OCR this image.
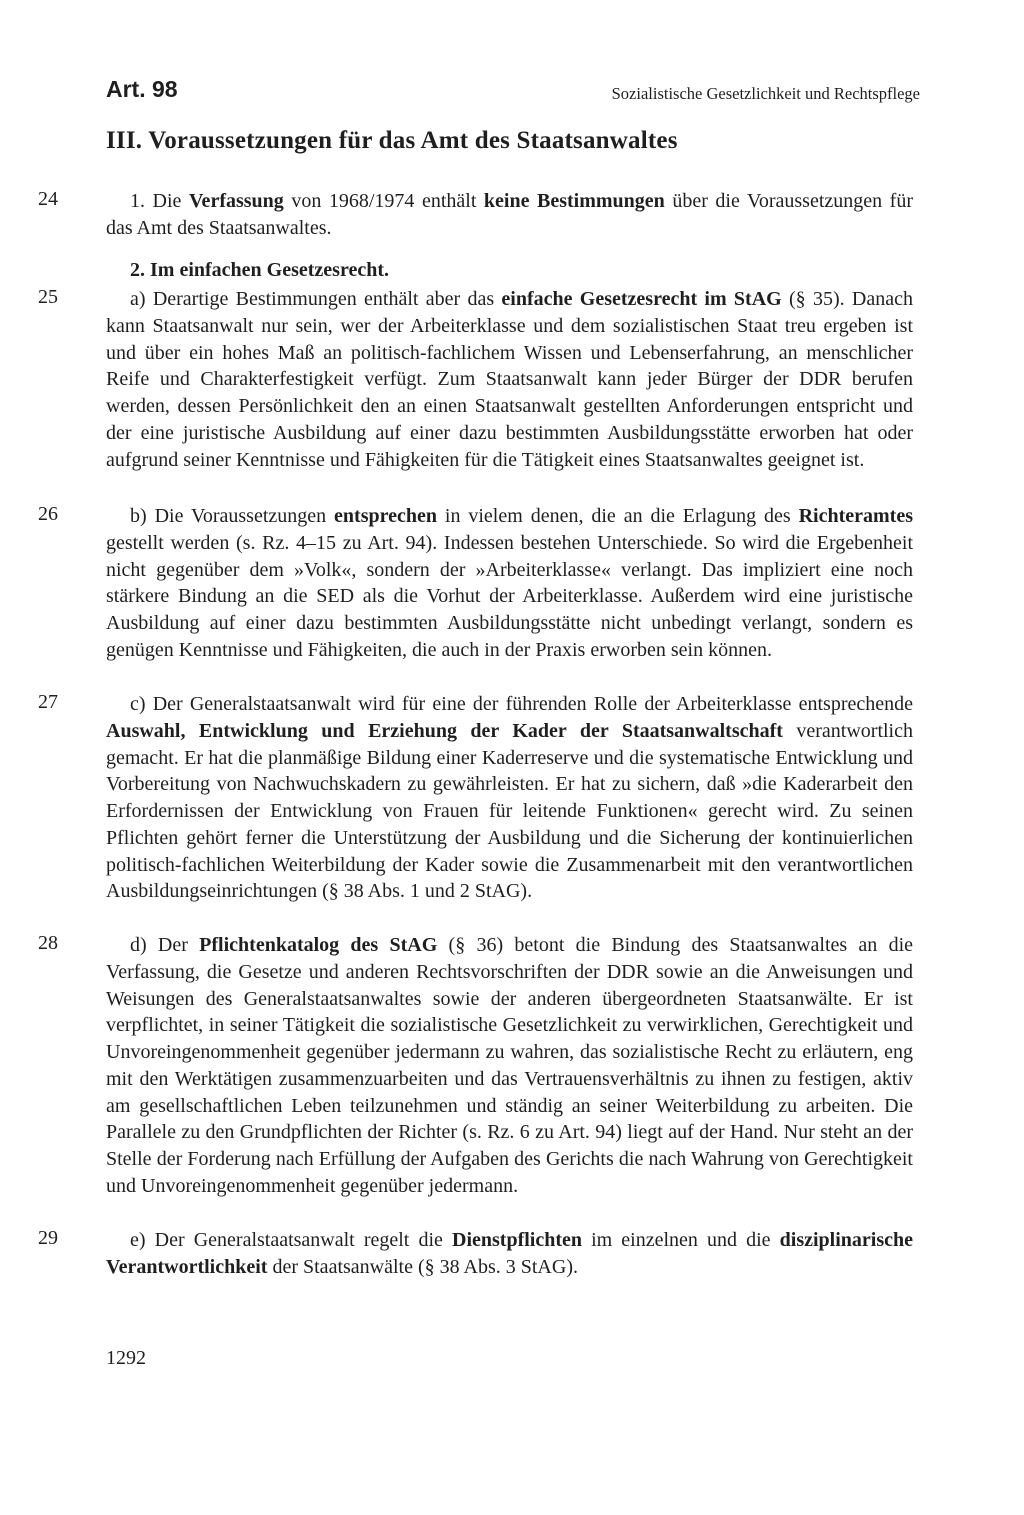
Art. 98	Sozialistische Gesetzlichkeit und Rechtspflege
III. Voraussetzungen für das Amt des Staatsanwaltes
24	1. Die Verfassung von 1968/1974 enthält keine Bestimmungen über die Voraussetzungen für das Amt des Staatsanwaltes.

2. Im einfachen Gesetzesrecht.
25	a) Derartige Bestimmungen enthält aber das einfache Gesetzesrecht im StAG (§ 35). Danach kann Staatsanwalt nur sein, wer der Arbeiterklasse und dem sozialistischen Staat treu ergeben ist und über ein hohes Maß an politisch-fachlichem Wissen und Lebenserfahrung, an menschlicher Reife und Charakterfestigkeit verfügt. Zum Staatsanwalt kann jeder Bürger der DDR berufen werden, dessen Persönlichkeit den an einen Staatsanwalt gestellten Anforderungen entspricht und der eine juristische Ausbildung auf einer dazu bestimmten Ausbildungsstätte erworben hat oder aufgrund seiner Kenntnisse und Fähigkeiten für die Tätigkeit eines Staatsanwaltes geeignet ist.

26	b) Die Voraussetzungen entsprechen in vielem denen, die an die Erlagung des Richteramtes gestellt werden (s. Rz. 4–15 zu Art. 94). Indessen bestehen Unterschiede. So wird die Ergebenheit nicht gegenüber dem »Volk«, sondern der »Arbeiterklasse« verlangt. Das impliziert eine noch stärkere Bindung an die SED als die Vorhut der Arbeiterklasse. Außerdem wird eine juristische Ausbildung auf einer dazu bestimmten Ausbildungsstätte nicht unbedingt verlangt, sondern es genügen Kenntnisse und Fähigkeiten, die auch in der Praxis erworben sein können.

27	c) Der Generalstaatsanwalt wird für eine der führenden Rolle der Arbeiterklasse entsprechende Auswahl, Entwicklung und Erziehung der Kader der Staatsanwaltschaft verantwortlich gemacht. Er hat die planmäßige Bildung einer Kaderreserve und die systematische Entwicklung und Vorbereitung von Nachwuchskadern zu gewährleisten. Er hat zu sichern, daß »die Kaderarbeit den Erfordernissen der Entwicklung von Frauen für leitende Funktionen« gerecht wird. Zu seinen Pflichten gehört ferner die Unterstützung der Ausbildung und die Sicherung der kontinuierlichen politisch-fachlichen Weiterbildung der Kader sowie die Zusammenarbeit mit den verantwortlichen Ausbildungseinrichtungen (§ 38 Abs. 1 und 2 StAG).

28	d) Der Pflichtenkatalog des StAG (§ 36) betont die Bindung des Staatsanwaltes an die Verfassung, die Gesetze und anderen Rechtsvorschriften der DDR sowie an die Anweisungen und Weisungen des Generalstaatsanwaltes sowie der anderen übergeordneten Staatsanwälte. Er ist verpflichtet, in seiner Tätigkeit die sozialistische Gesetzlichkeit zu verwirklichen, Gerechtigkeit und Unvoreingenommenheit gegenüber jedermann zu wahren, das sozialistische Recht zu erläutern, eng mit den Werktätigen zusammenzuarbeiten und das Vertrauensverhältnis zu ihnen zu festigen, aktiv am gesellschaftlichen Leben teilzunehmen und ständig an seiner Weiterbildung zu arbeiten. Die Parallele zu den Grundpflichten der Richter (s. Rz. 6 zu Art. 94) liegt auf der Hand. Nur steht an der Stelle der Forderung nach Erfüllung der Aufgaben des Gerichts die nach Wahrung von Gerechtigkeit und Unvoreingenommenheit gegenüber jedermann.

29	e) Der Generalstaatsanwalt regelt die Dienstpflichten im einzelnen und die disziplinarische Verantwortlichkeit der Staatsanwälte (§ 38 Abs. 3 StAG).

1292
